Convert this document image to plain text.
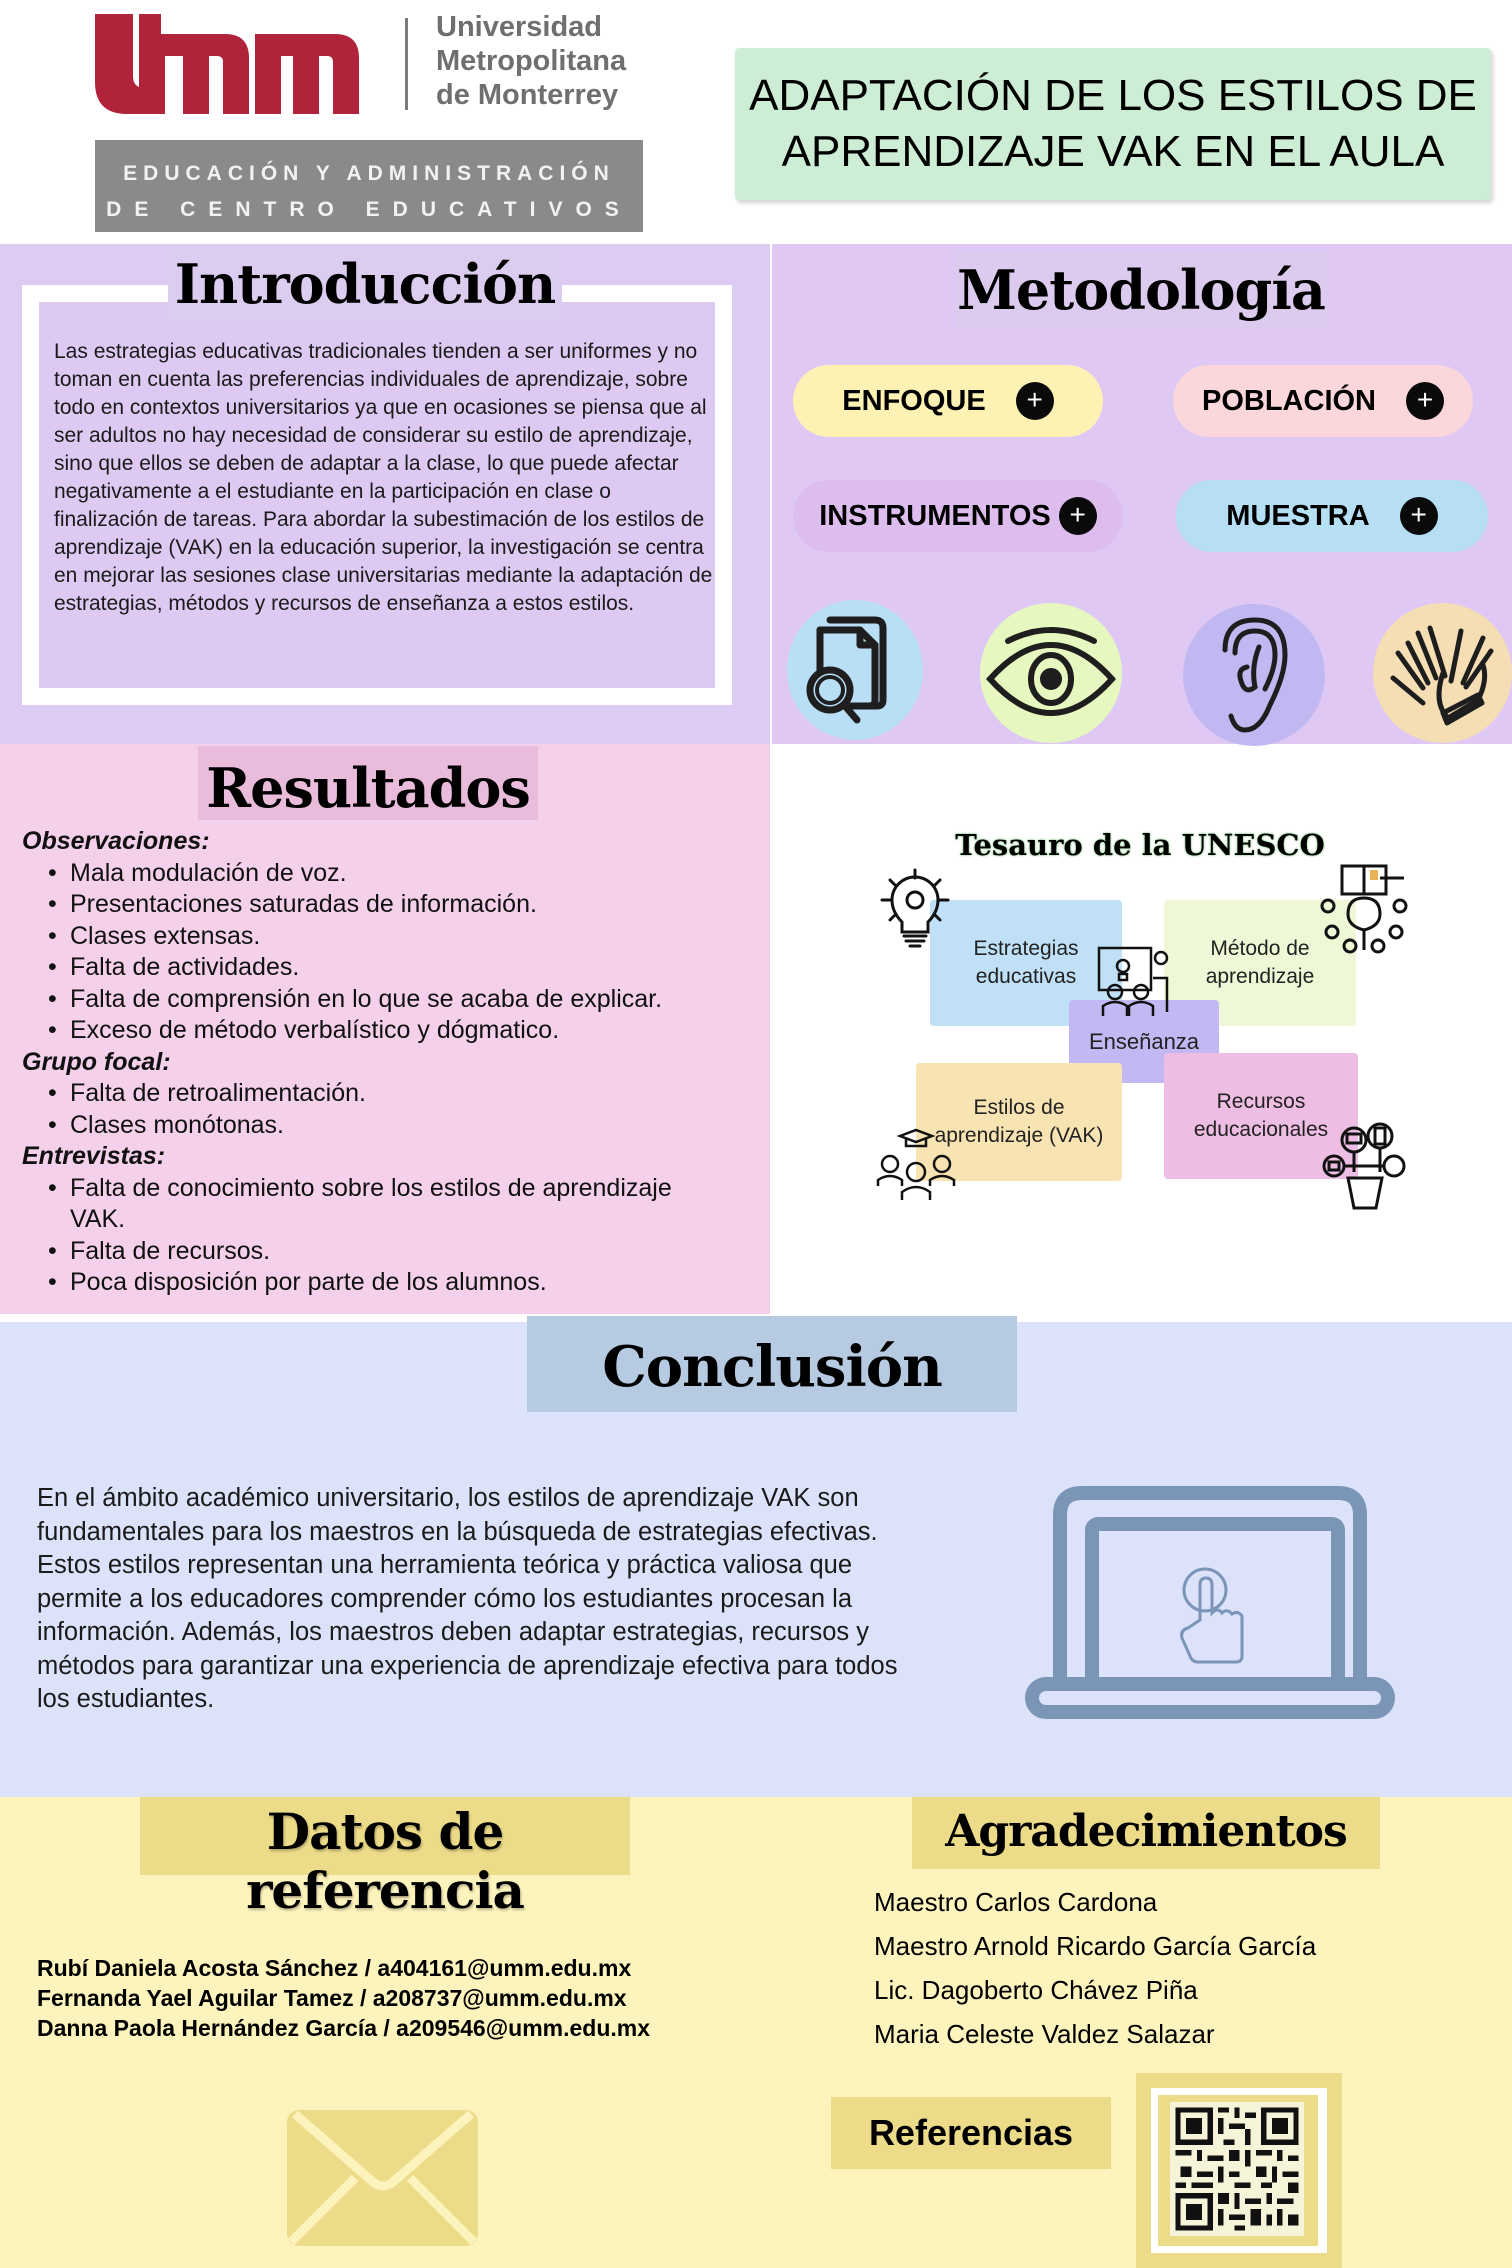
Universidad
Metropolitana
de Monterrey
EDUCACIÓN Y ADMINISTRACIÓN
DE CENTRO EDUCATIVOS
ADAPTACIÓN DE LOS ESTILOS DE
APRENDIZAJE VAK EN EL AULA
Introducción
Las estrategias educativas tradicionales tienden a ser uniformes y no toman en cuenta las preferencias individuales de aprendizaje, sobre todo en contextos universitarios ya que en ocasiones se piensa que al ser adultos no hay necesidad de considerar su estilo de aprendizaje, sino que ellos se deben de adaptar a la clase, lo que puede afectar negativamente a el estudiante en la participación en clase o finalización de tareas. Para abordar la subestimación de los estilos de aprendizaje (VAK) en la educación superior, la investigación se centra en mejorar las sesiones clase universitarias mediante la adaptación de estrategias, métodos y recursos de enseñanza a estos estilos.
Metodología
ENFOQUE	+	POBLACIÓN	+
INSTRUMENTOS +	MUESTRA	+
Resultados
Observaciones:
• Mala modulación de voz.
• Presentaciones saturadas de información.
• Clases extensas.
• Falta de actividades.
• Falta de comprensión en lo que se acaba de explicar.
• Exceso de método verbalístico y dógmatico.
Grupo focal:
• Falta de retroalimentación.
• Clases monótonas.
Entrevistas:
• Falta de conocimiento sobre los estilos de aprendizaje VAK.
• Falta de recursos.
• Poca disposición por parte de los alumnos.
Tesauro de la UNESCO
Estrategias educativas
Método de aprendizaje
Enseñanza
Estilos de aprendizaje (VAK)
Recursos educacionales
Conclusión
En el ámbito académico universitario, los estilos de aprendizaje VAK son fundamentales para los maestros en la búsqueda de estrategias efectivas. Estos estilos representan una herramienta teórica y práctica valiosa que permite a los educadores comprender cómo los estudiantes procesan la información. Además, los maestros deben adaptar estrategias, recursos y métodos para garantizar una experiencia de aprendizaje efectiva para todos los estudiantes.
Datos de referencia
Rubí Daniela Acosta Sánchez / a404161@umm.edu.mx
Fernanda Yael Aguilar Tamez / a208737@umm.edu.mx
Danna Paola Hernández García / a209546@umm.edu.mx
Agradecimientos
Maestro Carlos Cardona
Maestro Arnold Ricardo García García
Lic. Dagoberto Chávez Piña
Maria Celeste Valdez Salazar
Referencias
